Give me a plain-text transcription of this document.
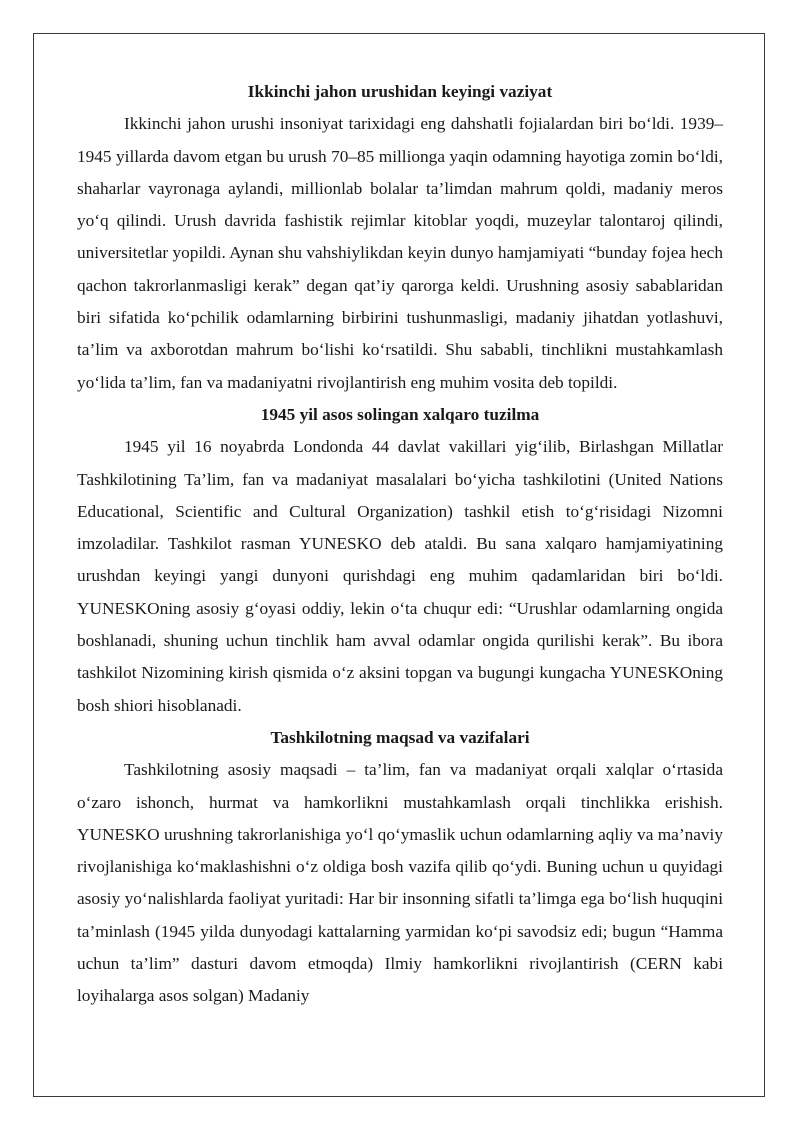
Ikkinchi jahon urushidan keyingi vaziyat

Ikkinchi jahon urushi insoniyat tarixidagi eng dahshatli fojialardan biri bo‘ldi. 1939–1945 yillarda davom etgan bu urush 70–85 millionga yaqin odamning hayotiga zomin bo‘ldi, shaharlar vayronaga aylandi, millionlab bolalar ta’limdan mahrum qoldi, madaniy meros yo‘q qilindi. Urush davrida fashistik rejimlar kitoblar yoqdi, muzeylar talontaroj qilindi, universitetlar yopildi. Aynan shu vahshiylikdan keyin dunyo hamjamiyati “bunday fojea hech qachon takrorlanmasligi kerak” degan qat’iy qarorga keldi. Urushning asosiy sabablaridan biri sifatida ko‘pchilik odamlarning birbirini tushunmasligi, madaniy jihatdan yotlashuvi, ta’lim va axborotdan mahrum bo‘lishi ko‘rsatildi. Shu sababli, tinchlikni mustahkamlash yo‘lida ta’lim, fan va madaniyatni rivojlantirish eng muhim vosita deb topildi.

1945 yil asos solingan xalqaro tuzilma

1945 yil 16 noyabrda Londonda 44 davlat vakillari yig‘ilib, Birlashgan Millatlar Tashkilotining Ta’lim, fan va madaniyat masalalari bo‘yicha tashkilotini (United Nations Educational, Scientific and Cultural Organization) tashkil etish to‘g‘risidagi Nizomni imzoladilar. Tashkilot rasman YUNESKO deb ataldi. Bu sana xalqaro hamjamiyatining urushdan keyingi yangi dunyoni qurishdagi eng muhim qadamlaridan biri bo‘ldi. YUNESKOning asosiy g‘oyasi oddiy, lekin o‘ta chuqur edi: “Urushlar odamlarning ongida boshlanadi, shuning uchun tinchlik ham avval odamlar ongida qurilishi kerak”. Bu ibora tashkilot Nizomining kirish qismida o‘z aksini topgan va bugungi kungacha YUNESKOning bosh shiori hisoblanadi.

Tashkilotning maqsad va vazifalari

Tashkilotning asosiy maqsadi – ta’lim, fan va madaniyat orqali xalqlar o‘rtasida o‘zaro ishonch, hurmat va hamkorlikni mustahkamlash orqali tinchlikka erishish. YUNESKO urushning takrorlanishiga yo‘l qo‘ymaslik uchun odamlarning aqliy va ma’naviy rivojlanishiga ko‘maklashishni o‘z oldiga bosh vazifa qilib qo‘ydi. Buning uchun u quyidagi asosiy yo‘nalishlarda faoliyat yuritadi: Har bir insonning sifatli ta’limga ega bo‘lish huquqini ta’minlash (1945 yilda dunyodagi kattalarning yarmidan ko‘pi savodsiz edi; bugun “Hamma uchun ta’lim” dasturi davom etmoqda) Ilmiy hamkorlikni rivojlantirish (CERN kabi loyihalarga asos solgan) Madaniy
